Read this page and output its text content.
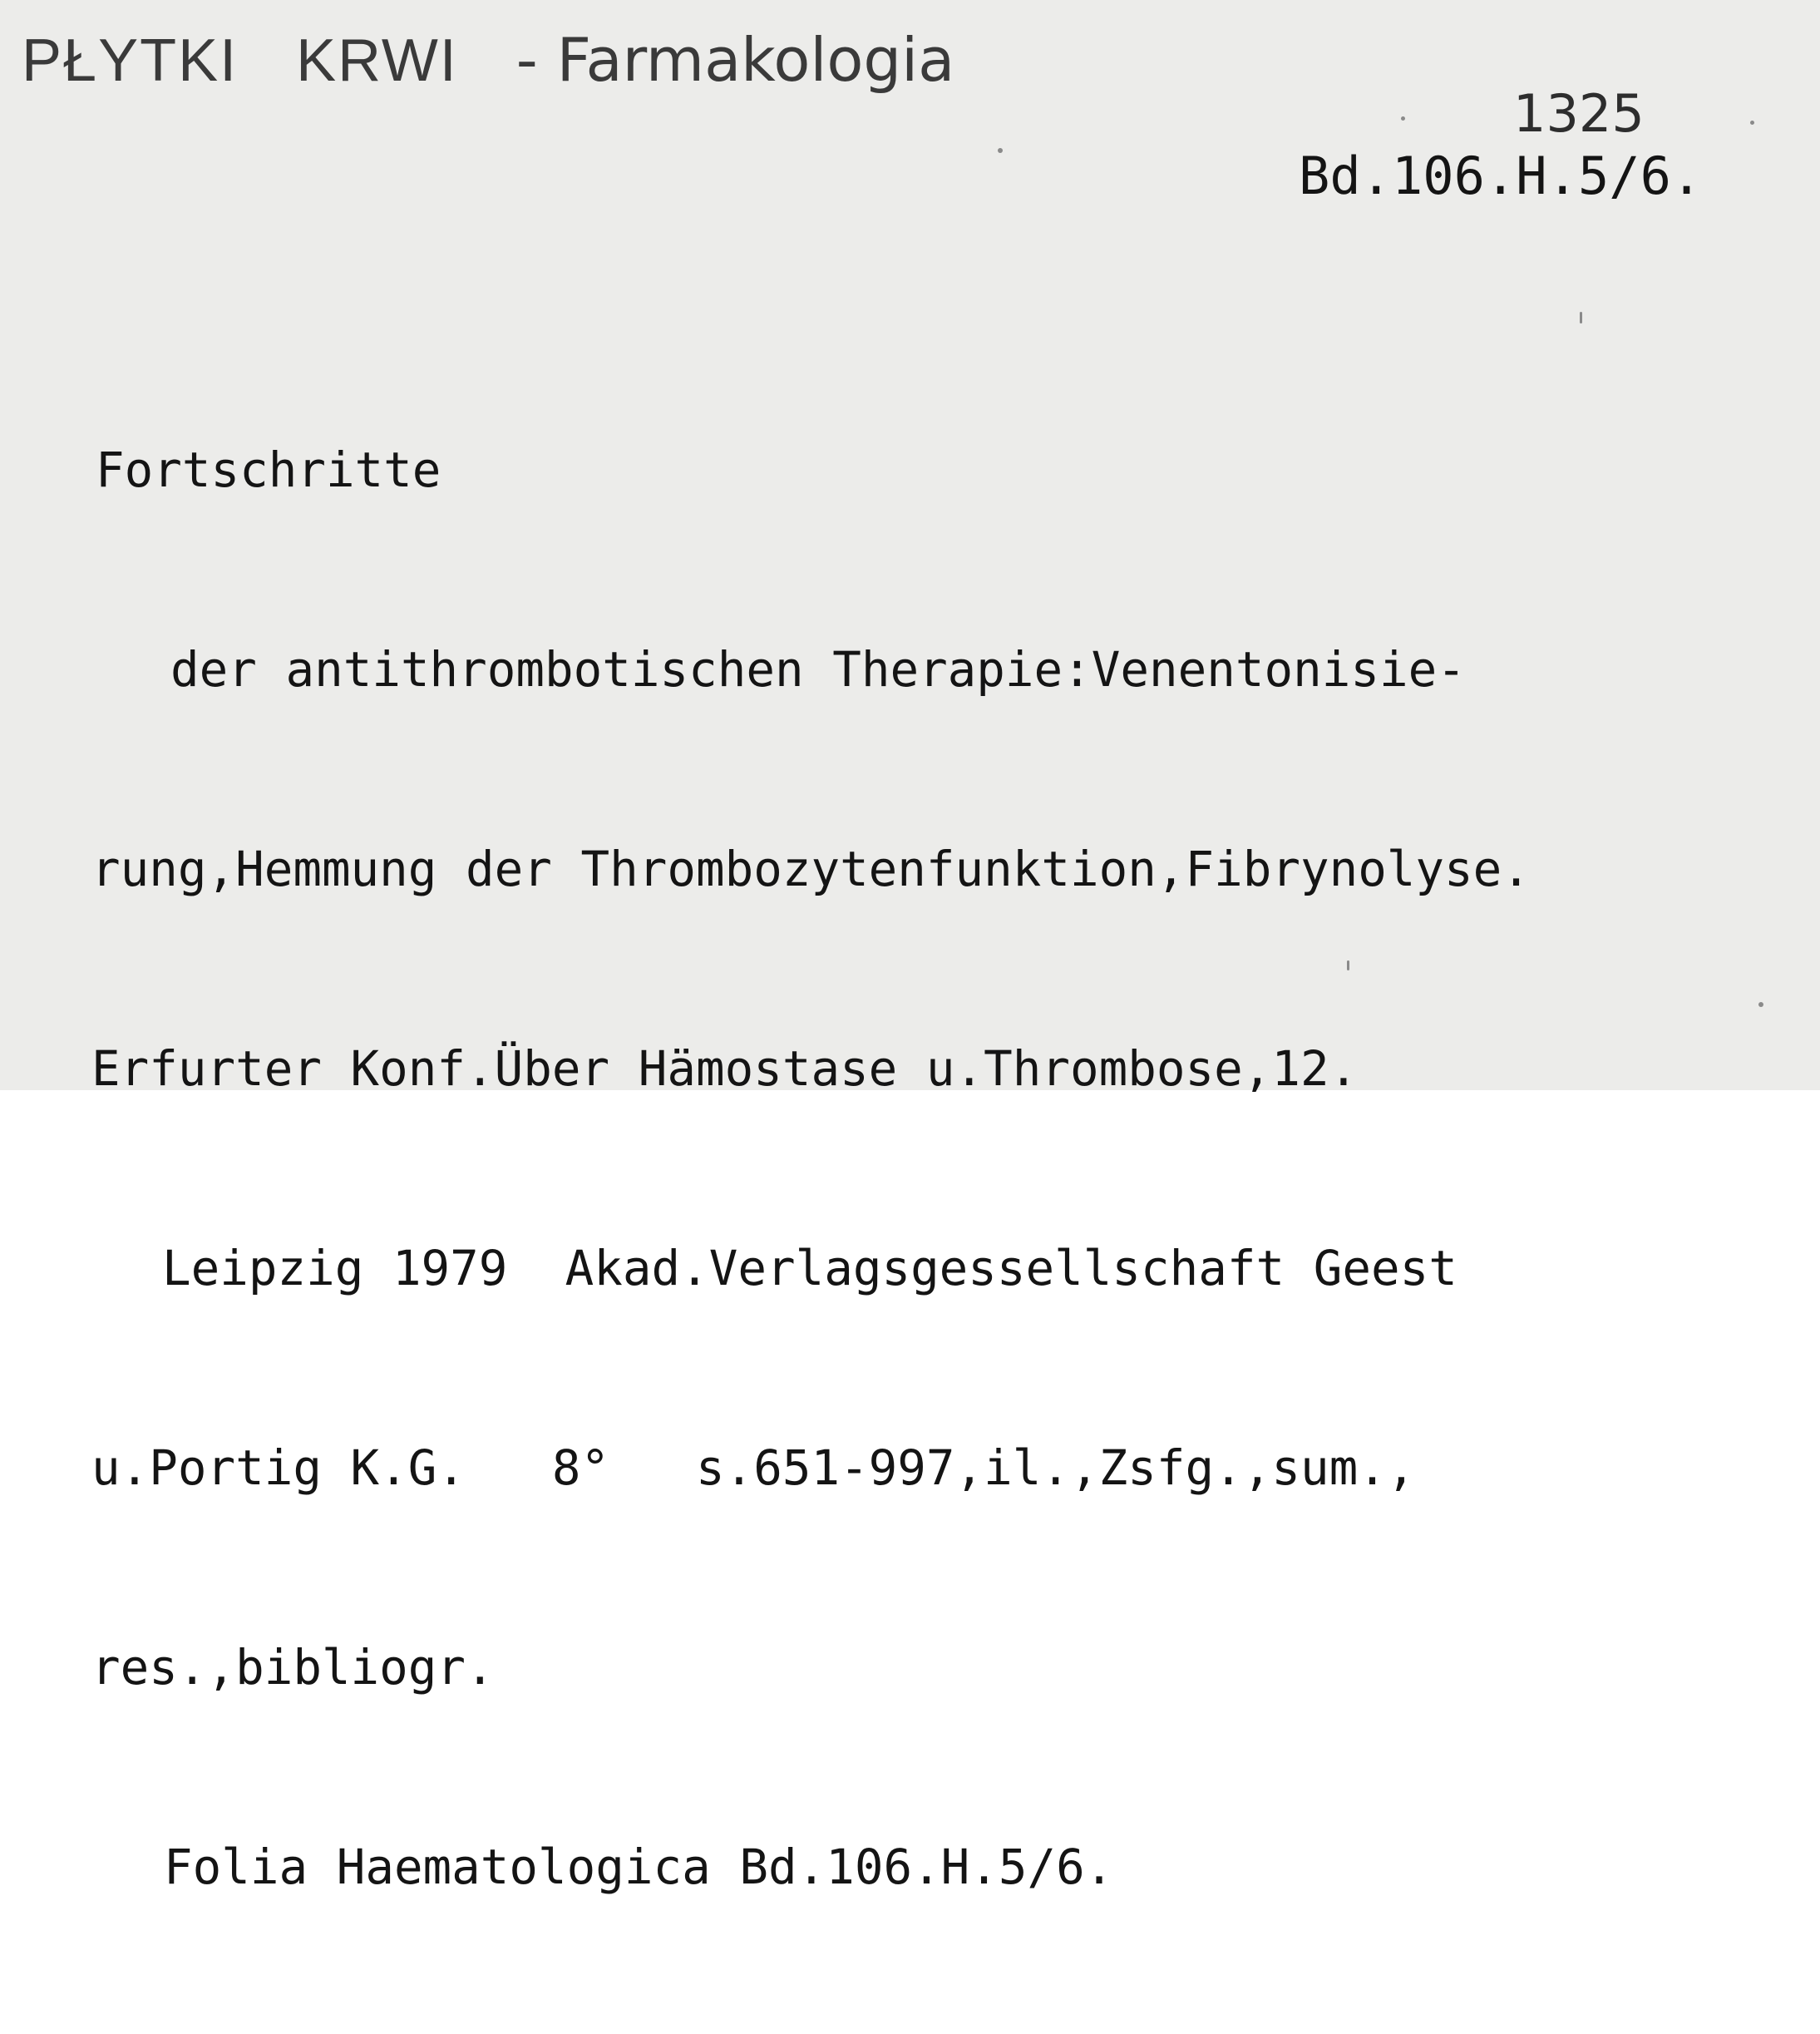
PŁYTKI KRWI - Farmakologia
1325
Bd.106.H.5/6.

Fortschritte

der antithrombotischen Therapie:Venentonisie-

rung,Hemmung der Thrombozytenfunktion,Fibrynolyse.

Erfurter Konf.Über Hämostase u.Thrombose,12.

Leipzig 1979  Akad.Verlagsgessellschaft Geest

u.Portig K.G.   8°   s.651-997,il.,Zsfg.,sum.,

res.,bibliogr.

Folia Haematologica Bd.106.H.5/6.
